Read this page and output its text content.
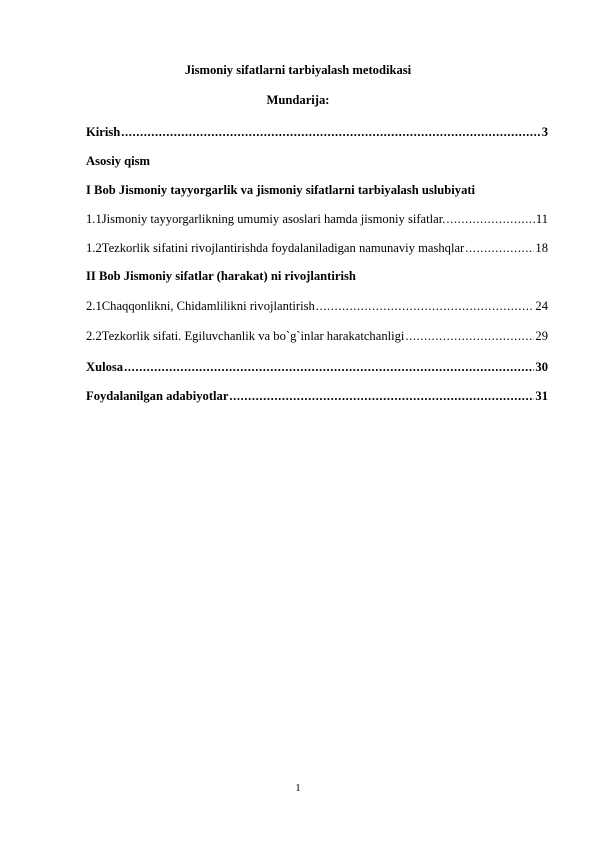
Jismoniy sifatlarni tarbiyalash metodikasi
Mundarija:
Kirish .....	3
Asosiy qism
I Bob Jismoniy tayyorgarlik va jismoniy sifatlarni tarbiyalash uslubiyati
1.1 Jismoniy tayyorgarlikning umumiy asoslari hamda jismoniy sifatlar. .....	11
1.2 Tezkorlik sifatini rivojlantirishda foydalaniladigan namunaviy mashqlar .....	18
II Bob Jismoniy sifatlar (harakat) ni rivojlantirish
2.1 Chaqqonlikni, Chidamlilikni rivojlantirish .....	24
2.2 Tezkorlik sifati. Egiluvchanlik va bo`g`inlar harakatchanligi .....	29
Xulosa .....	30
Foydalanilgan adabiyotlar .....	31
1
